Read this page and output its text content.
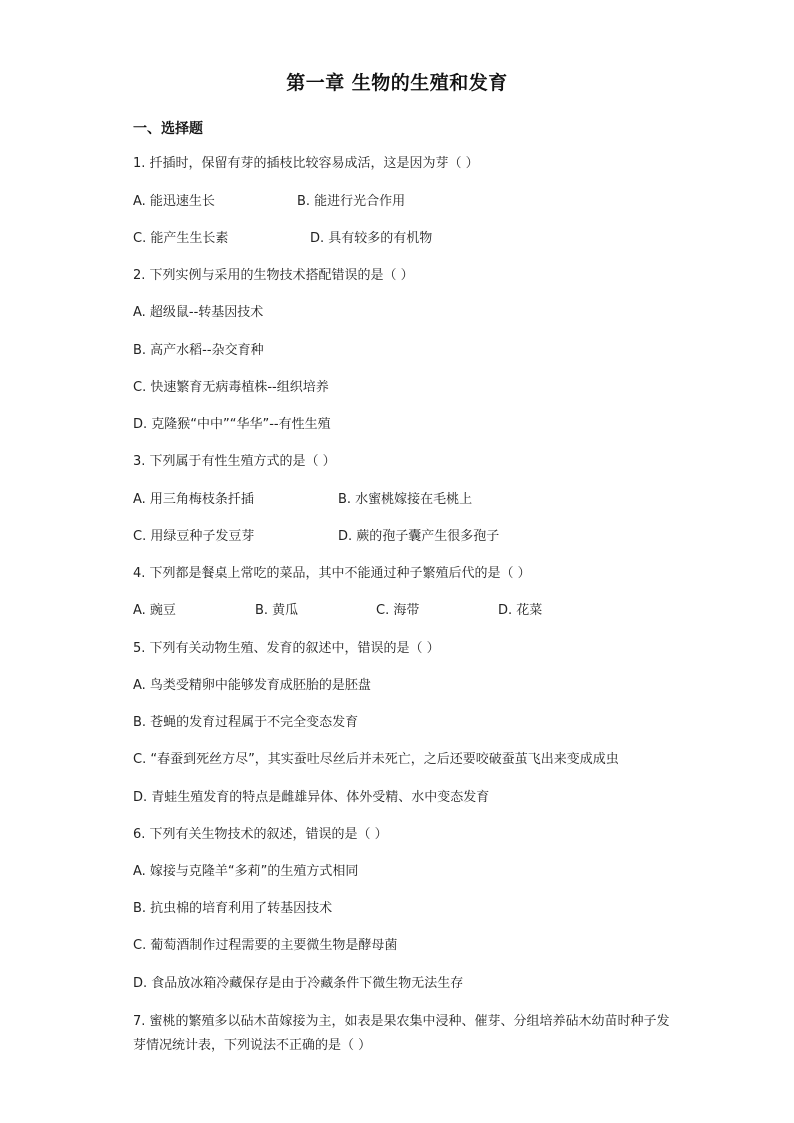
第一章 生物的生殖和发育
一、选择题
1. 扦插时，保留有芽的插枝比较容易成活，这是因为芽（ ）
A. 能迅速生长	B. 能进行光合作用
C. 能产生生长素	D. 具有较多的有机物
2. 下列实例与采用的生物技术搭配错误的是（ ）
A. 超级鼠--转基因技术
B. 高产水稻--杂交育种
C. 快速繁育无病毒植株--组织培养
D. 克隆猴“中中”“华华”--有性生殖
3. 下列属于有性生殖方式的是（ ）
A. 用三角梅枝条扦插	B. 水蜜桃嫁接在毛桃上
C. 用绿豆种子发豆芽	D. 蕨的孢子囊产生很多孢子
4. 下列都是餐桌上常吃的菜品，其中不能通过种子繁殖后代的是（ ）
A. 豌豆	B. 黄瓜	C. 海带	D. 花菜
5. 下列有关动物生殖、发育的叙述中，错误的是（ ）
A. 鸟类受精卵中能够发育成胚胎的是胚盘
B. 苍蝇的发育过程属于不完全变态发育
C. “春蚕到死丝方尽”，其实蚕吐尽丝后并未死亡，之后还要咬破蚕茧飞出来变成成虫
D. 青蛙生殖发育的特点是雌雄异体、体外受精、水中变态发育
6. 下列有关生物技术的叙述，错误的是（ ）
A. 嫁接与克隆羊“多莉”的生殖方式相同
B. 抗虫棉的培育利用了转基因技术
C. 葡萄酒制作过程需要的主要微生物是酵母菌
D. 食品放冰箱冷藏保存是由于冷藏条件下微生物无法生存
7. 蜜桃的繁殖多以砧木苗嫁接为主，如表是果农集中浸种、催芽、分组培养砧木幼苗时种子发芽情况统计表，下列说法不正确的是（ ）
